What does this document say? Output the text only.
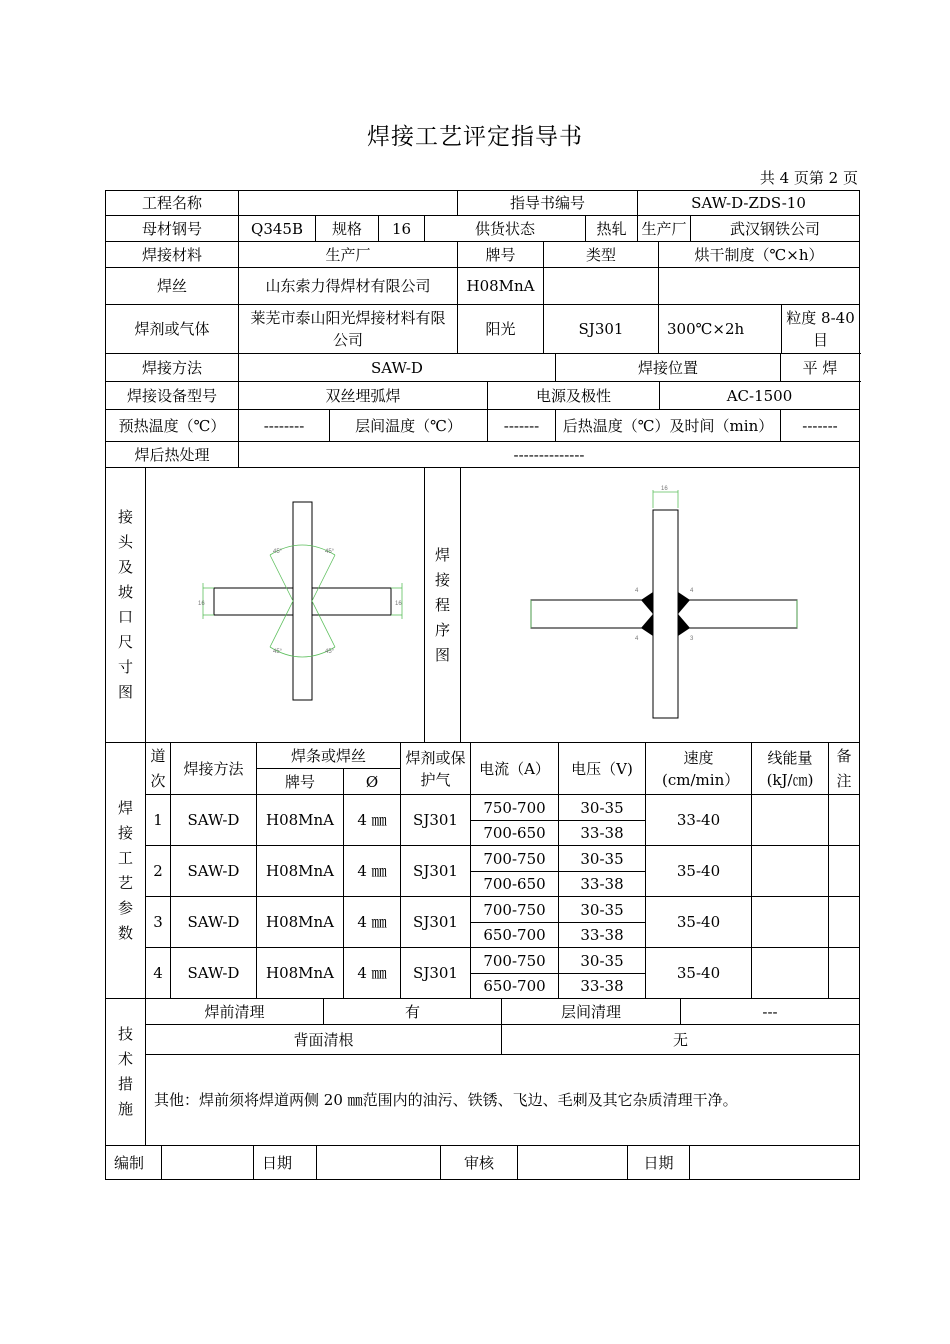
焊接工艺评定指导书
共 4 页第 2 页
工程名称					指导书编号		SAW-D-ZDS-10	
母材钢号	Q345B	规格	16	供货状态		热轧	生产厂	武汉钢铁公司
焊接材料	生产厂	牌号	类型	烘干制度（℃×h）	
焊丝	山东索力得焊材有限公司	H08MnA			
焊剂或气体	莱芜市泰山阳光焊接材料有限公司	阳光	SJ301	300℃×2h	粒度 8-40 目
焊接方法	SAW-D	焊接位置	平 焊
焊接设备型号	双丝埋弧焊	电源及极性	AC-1500
预热温度（℃）	--------	层间温度（℃）	-------	后热温度（℃）及时间（min）	-------
焊后热处理	--------------
接头及坡口尺寸图

焊接程序图

16	16
45°	45°
45°	45°
16
4	4
4	3
焊接工艺参数	道次	焊接方法	焊条或焊丝		焊剂或保护气	电流（A）	电压（V)	速度(cm/min）	线能量(kJ/㎝)	备注

			牌号	Ø						
	1	SAW-D	H08MnA	4 ㎜	SJ301	750-700	30-35	33-40		
						700-650	33-38			
	2	SAW-D	H08MnA	4 ㎜	SJ301	700-750	30-35	35-40		
						700-650	33-38			
	3	SAW-D	H08MnA	4 ㎜	SJ301	700-750	30-35	35-40		
						650-700	33-38			
	4	SAW-D	H08MnA	4 ㎜	SJ301	700-750	30-35	35-40		
						650-700	33-38			
技术措施	焊前清理	有	层间清理	---
	背面清根		无	
	其他：焊前须将焊道两侧 20 ㎜范围内的油污、铁锈、飞边、毛刺及其它杂质清理干净。			
编制		日期		审核		日期	
